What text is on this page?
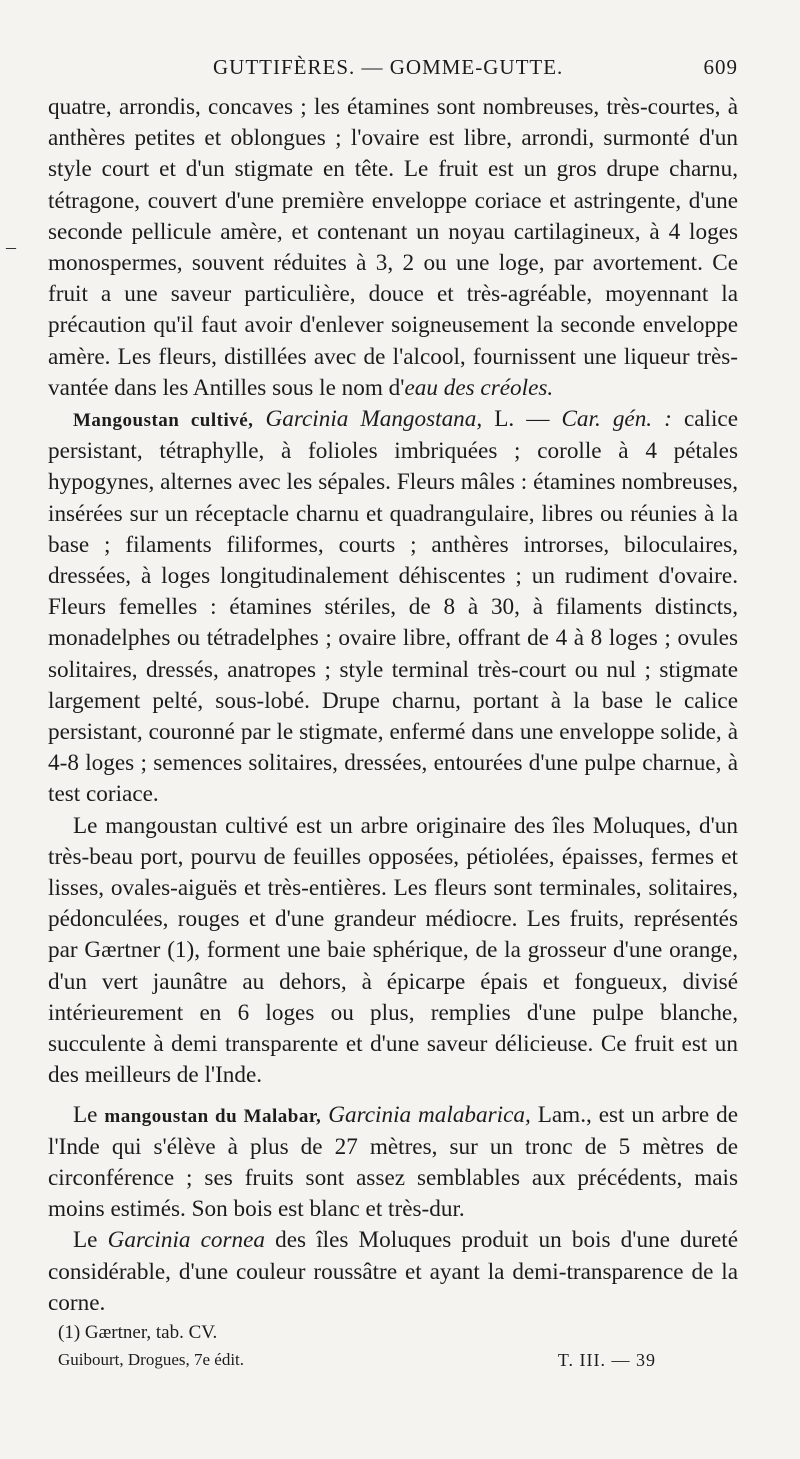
–
GUTTIFÈRES. — GOMME-GUTTE.	609

quatre, arrondis, concaves ; les étamines sont nombreuses, très-courtes, à anthères petites et oblongues ; l'ovaire est libre, arrondi, surmonté d'un style court et d'un stigmate en tête. Le fruit est un gros drupe charnu, tétragone, couvert d'une première enveloppe coriace et astringente, d'une seconde pellicule amère, et contenant un noyau cartilagineux, à 4 loges monospermes, souvent réduites à 3, 2 ou une loge, par avortement. Ce fruit a une saveur particulière, douce et très-agréable, moyennant la précaution qu'il faut avoir d'enlever soigneusement la seconde enveloppe amère. Les fleurs, distillées avec de l'alcool, fournissent une liqueur très-vantée dans les Antilles sous le nom d'eau des créoles.

Mangoustan cultivé, Garcinia Mangostana, L. — Car. gén. : calice persistant, tétraphylle, à folioles imbriquées ; corolle à 4 pétales hypogynes, alternes avec les sépales. Fleurs mâles : étamines nombreuses, insérées sur un réceptacle charnu et quadrangulaire, libres ou réunies à la base ; filaments filiformes, courts ; anthères introrses, biloculaires, dressées, à loges longitudinalement déhiscentes ; un rudiment d'ovaire. Fleurs femelles : étamines stériles, de 8 à 30, à filaments distincts, monadelphes ou tétradelphes ; ovaire libre, offrant de 4 à 8 loges ; ovules solitaires, dressés, anatropes ; style terminal très-court ou nul ; stigmate largement pelté, sous-lobé. Drupe charnu, portant à la base le calice persistant, couronné par le stigmate, enfermé dans une enveloppe solide, à 4-8 loges ; semences solitaires, dressées, entourées d'une pulpe charnue, à test coriace.

Le mangoustan cultivé est un arbre originaire des îles Moluques, d'un très-beau port, pourvu de feuilles opposées, pétiolées, épaisses, fermes et lisses, ovales-aiguës et très-entières. Les fleurs sont terminales, solitaires, pédonculées, rouges et d'une grandeur médiocre. Les fruits, représentés par Gærtner (1), forment une baie sphérique, de la grosseur d'une orange, d'un vert jaunâtre au dehors, à épicarpe épais et fongueux, divisé intérieurement en 6 loges ou plus, remplies d'une pulpe blanche, succulente à demi transparente et d'une saveur délicieuse. Ce fruit est un des meilleurs de l'Inde.

Le mangoustan du Malabar, Garcinia malabarica, Lam., est un arbre de l'Inde qui s'élève à plus de 27 mètres, sur un tronc de 5 mètres de circonférence ; ses fruits sont assez semblables aux précédents, mais moins estimés. Son bois est blanc et très-dur.

Le Garcinia cornea des îles Moluques produit un bois d'une dureté considérable, d'une couleur roussâtre et ayant la demi-transparence de la corne.

(1) Gærtner, tab. CV.
Guibourt, Drogues, 7e édit.	T. III. — 39
